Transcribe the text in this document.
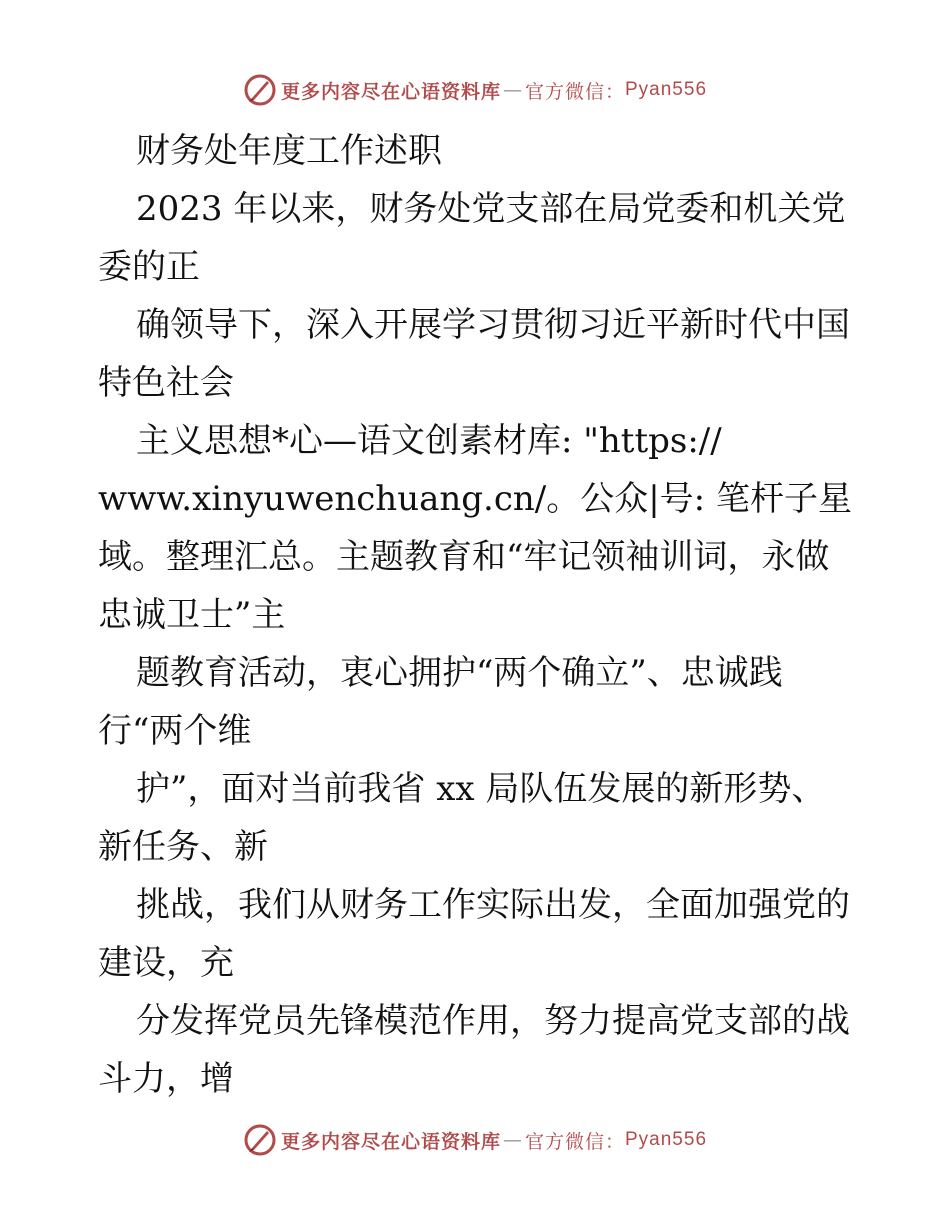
更多内容尽在心语资料库 — 官方微信： Pyan556
财务处年度工作述职
2023 年以来，财务处党支部在局党委和机关党
委的正
确领导下，深入开展学习贯彻习近平新时代中国
特色社会
主义思想*心—语文创素材库: "https://
www.xinyuwenchuang.cn/。公众|号: 笔杆子星
域。整理汇总。主题教育和“牢记领袖训词，永做
忠诚卫士”主
题教育活动，衷心拥护“两个确立”、忠诚践
行“两个维
护”，面对当前我省 xx 局队伍发展的新形势、
新任务、新
挑战，我们从财务工作实际出发，全面加强党的
建设，充
分发挥党员先锋模范作用，努力提高党支部的战
斗力，增
更多内容尽在心语资料库 — 官方微信： Pyan556
